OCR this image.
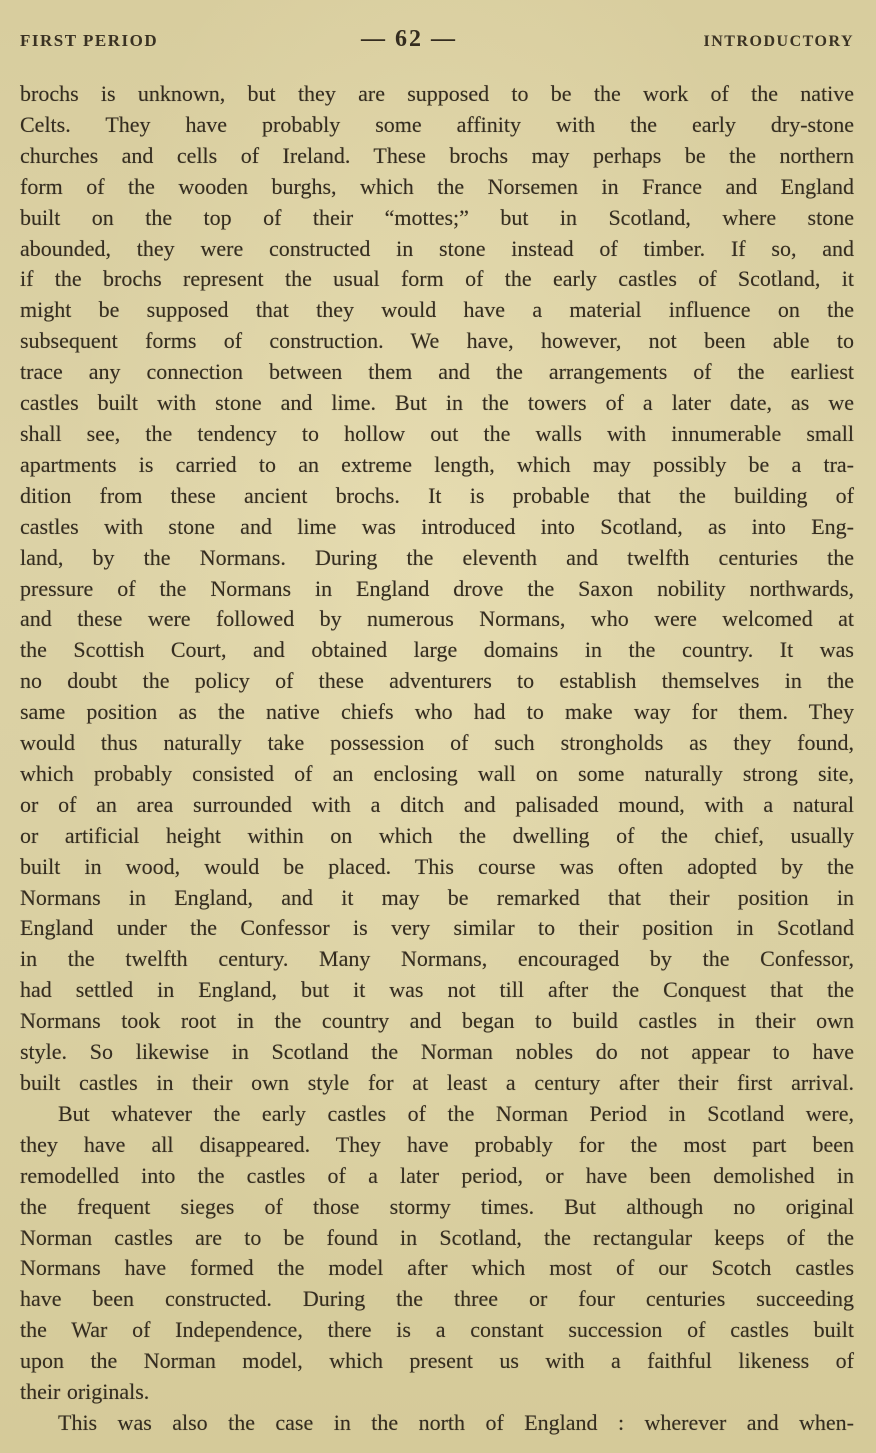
FIRST PERIOD	— 62 —	INTRODUCTORY
brochs is unknown, but they are supposed to be the work of the native
Celts. They have probably some affinity with the early dry-stone
churches and cells of Ireland. These brochs may perhaps be the northern
form of the wooden burghs, which the Norsemen in France and England
built on the top of their “mottes;” but in Scotland, where stone
abounded, they were constructed in stone instead of timber. If so, and
if the brochs represent the usual form of the early castles of Scotland, it
might be supposed that they would have a material influence on the
subsequent forms of construction. We have, however, not been able to
trace any connection between them and the arrangements of the earliest
castles built with stone and lime. But in the towers of a later date, as we
shall see, the tendency to hollow out the walls with innumerable small
apartments is carried to an extreme length, which may possibly be a tra-
dition from these ancient brochs. It is probable that the building of
castles with stone and lime was introduced into Scotland, as into Eng-
land, by the Normans. During the eleventh and twelfth centuries the
pressure of the Normans in England drove the Saxon nobility northwards,
and these were followed by numerous Normans, who were welcomed at
the Scottish Court, and obtained large domains in the country. It was
no doubt the policy of these adventurers to establish themselves in the
same position as the native chiefs who had to make way for them. They
would thus naturally take possession of such strongholds as they found,
which probably consisted of an enclosing wall on some naturally strong site,
or of an area surrounded with a ditch and palisaded mound, with a natural
or artificial height within on which the dwelling of the chief, usually
built in wood, would be placed. This course was often adopted by the
Normans in England, and it may be remarked that their position in
England under the Confessor is very similar to their position in Scotland
in the twelfth century. Many Normans, encouraged by the Confessor,
had settled in England, but it was not till after the Conquest that the
Normans took root in the country and began to build castles in their own
style. So likewise in Scotland the Norman nobles do not appear to have
built castles in their own style for at least a century after their first arrival.
But whatever the early castles of the Norman Period in Scotland were,
they have all disappeared. They have probably for the most part been
remodelled into the castles of a later period, or have been demolished in
the frequent sieges of those stormy times. But although no original
Norman castles are to be found in Scotland, the rectangular keeps of the
Normans have formed the model after which most of our Scotch castles
have been constructed. During the three or four centuries succeeding
the War of Independence, there is a constant succession of castles built
upon the Norman model, which present us with a faithful likeness of
their originals.
This was also the case in the north of England : wherever and when-
